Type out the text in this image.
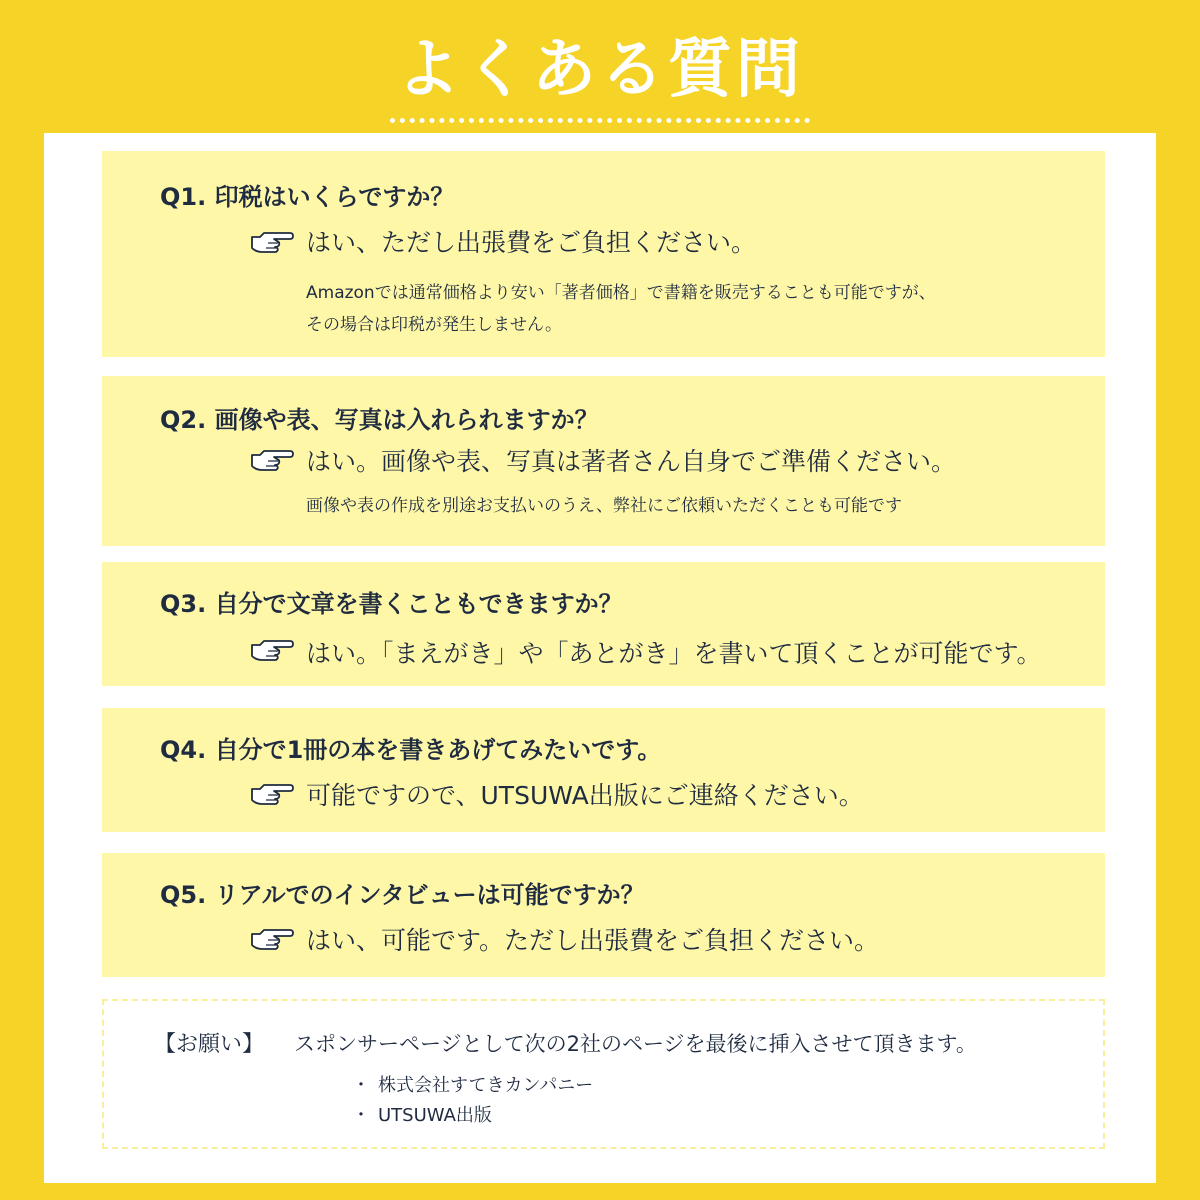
よくある質問
Q1. 印税はいくらですか？
はい、ただし出張費をご負担ください。
Amazonでは通常価格より安い「著者価格」で書籍を販売することも可能ですが、
その場合は印税が発生しません。
Q2. 画像や表、写真は入れられますか？
はい。画像や表、写真は著者さん自身でご準備ください。
画像や表の作成を別途お支払いのうえ、弊社にご依頼いただくことも可能です
Q3. 自分で文章を書くこともできますか？
はい。「まえがき」や「あとがき」を書いて頂くことが可能です。
Q4. 自分で1冊の本を書きあげてみたいです。
可能ですので、UTSUWA出版にご連絡ください。
Q5. リアルでのインタビューは可能ですか？
はい、可能です。ただし出張費をご負担ください。
【お願い】 スポンサーページとして次の2社のページを最後に挿入させて頂きます。
・ 株式会社すてきカンパニー
・ UTSUWA出版
